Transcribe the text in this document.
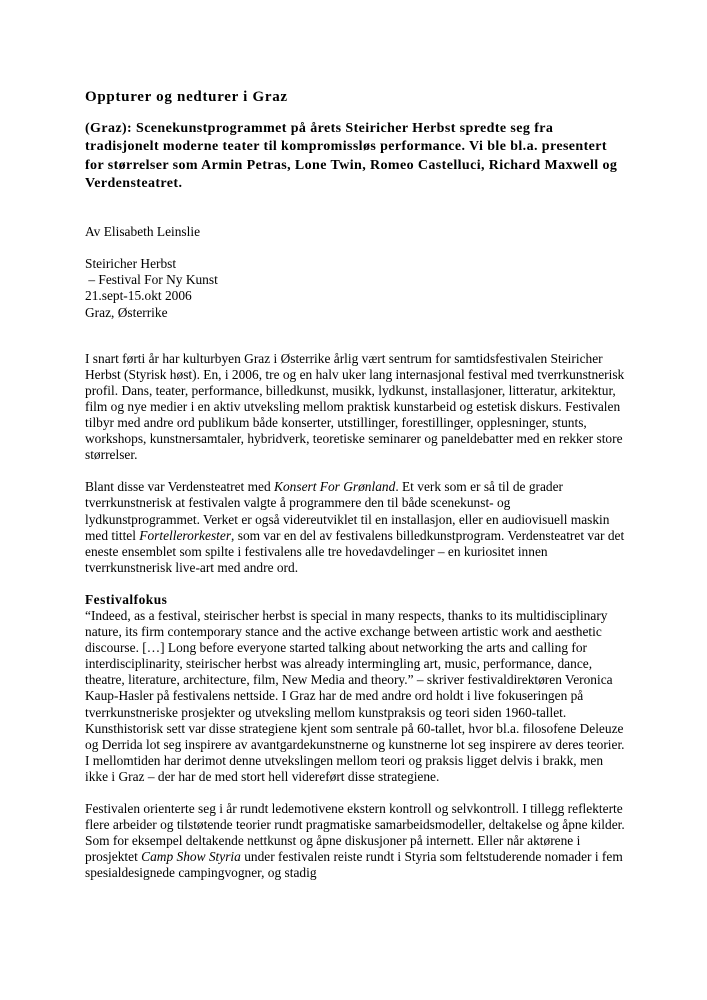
Oppturer og nedturer i Graz

(Graz): Scenekunstprogrammet på årets Steiricher Herbst spredte seg fra tradisjonelt moderne teater til kompromissløs performance. Vi ble bl.a. presentert for størrelser som Armin Petras, Lone Twin, Romeo Castelluci, Richard Maxwell og Verdensteatret.

Av Elisabeth Leinslie

Steiricher Herbst
– Festival For Ny Kunst
21.sept-15.okt 2006
Graz, Østerrike

I snart førti år har kulturbyen Graz i Østerrike årlig vært sentrum for samtidsfestivalen Steiricher Herbst (Styrisk høst). En, i 2006, tre og en halv uker lang internasjonal festival med tverrkunstnerisk profil. Dans, teater, performance, billedkunst, musikk, lydkunst, installasjoner, litteratur, arkitektur, film og nye medier i en aktiv utveksling mellom praktisk kunstarbeid og estetisk diskurs. Festivalen tilbyr med andre ord publikum både konserter, utstillinger, forestillinger, opplesninger, stunts, workshops, kunstnersamtaler, hybridverk, teoretiske seminarer og paneldebatter med en rekker store størrelser.

Blant disse var Verdensteatret med Konsert For Grønland. Et verk som er så til de grader tverrkunstnerisk at festivalen valgte å programmere den til både scenekunst- og lydkunstprogrammet. Verket er også videreutviklet til en installasjon, eller en audiovisuell maskin med tittel Fortellerorkester, som var en del av festivalens billedkunstprogram. Verdensteatret var det eneste ensemblet som spilte i festivalens alle tre hovedavdelinger – en kuriositet innen tverrkunstnerisk live-art med andre ord.

Festivalfokus

“Indeed, as a festival, steirischer herbst is special in many respects, thanks to its multidisciplinary nature, its firm contemporary stance and the active exchange between artistic work and aesthetic discourse. […] Long before everyone started talking about networking the arts and calling for interdisciplinarity, steirischer herbst was already intermingling art, music, performance, dance, theatre, literature, architecture, film, New Media and theory.” – skriver festivaldirektøren Veronica Kaup-Hasler på festivalens nettside. I Graz har de med andre ord holdt i live fokuseringen på tverrkunstneriske prosjekter og utveksling mellom kunstpraksis og teori siden 1960-tallet. Kunsthistorisk sett var disse strategiene kjent som sentrale på 60-tallet, hvor bl.a. filosofene Deleuze og Derrida lot seg inspirere av avantgardekunstnerne og kunstnerne lot seg inspirere av deres teorier. I mellomtiden har derimot denne utvekslingen mellom teori og praksis ligget delvis i brakk, men ikke i Graz – der har de med stort hell videreført disse strategiene.

Festivalen orienterte seg i år rundt ledemotivene ekstern kontroll og selvkontroll. I tillegg reflekterte flere arbeider og tilstøtende teorier rundt pragmatiske samarbeidsmodeller, deltakelse og åpne kilder. Som for eksempel deltakende nettkunst og åpne diskusjoner på internett. Eller når aktørene i prosjektet Camp Show Styria under festivalen reiste rundt i Styria som feltstuderende nomader i fem spesialdesignede campingvogner, og stadig
